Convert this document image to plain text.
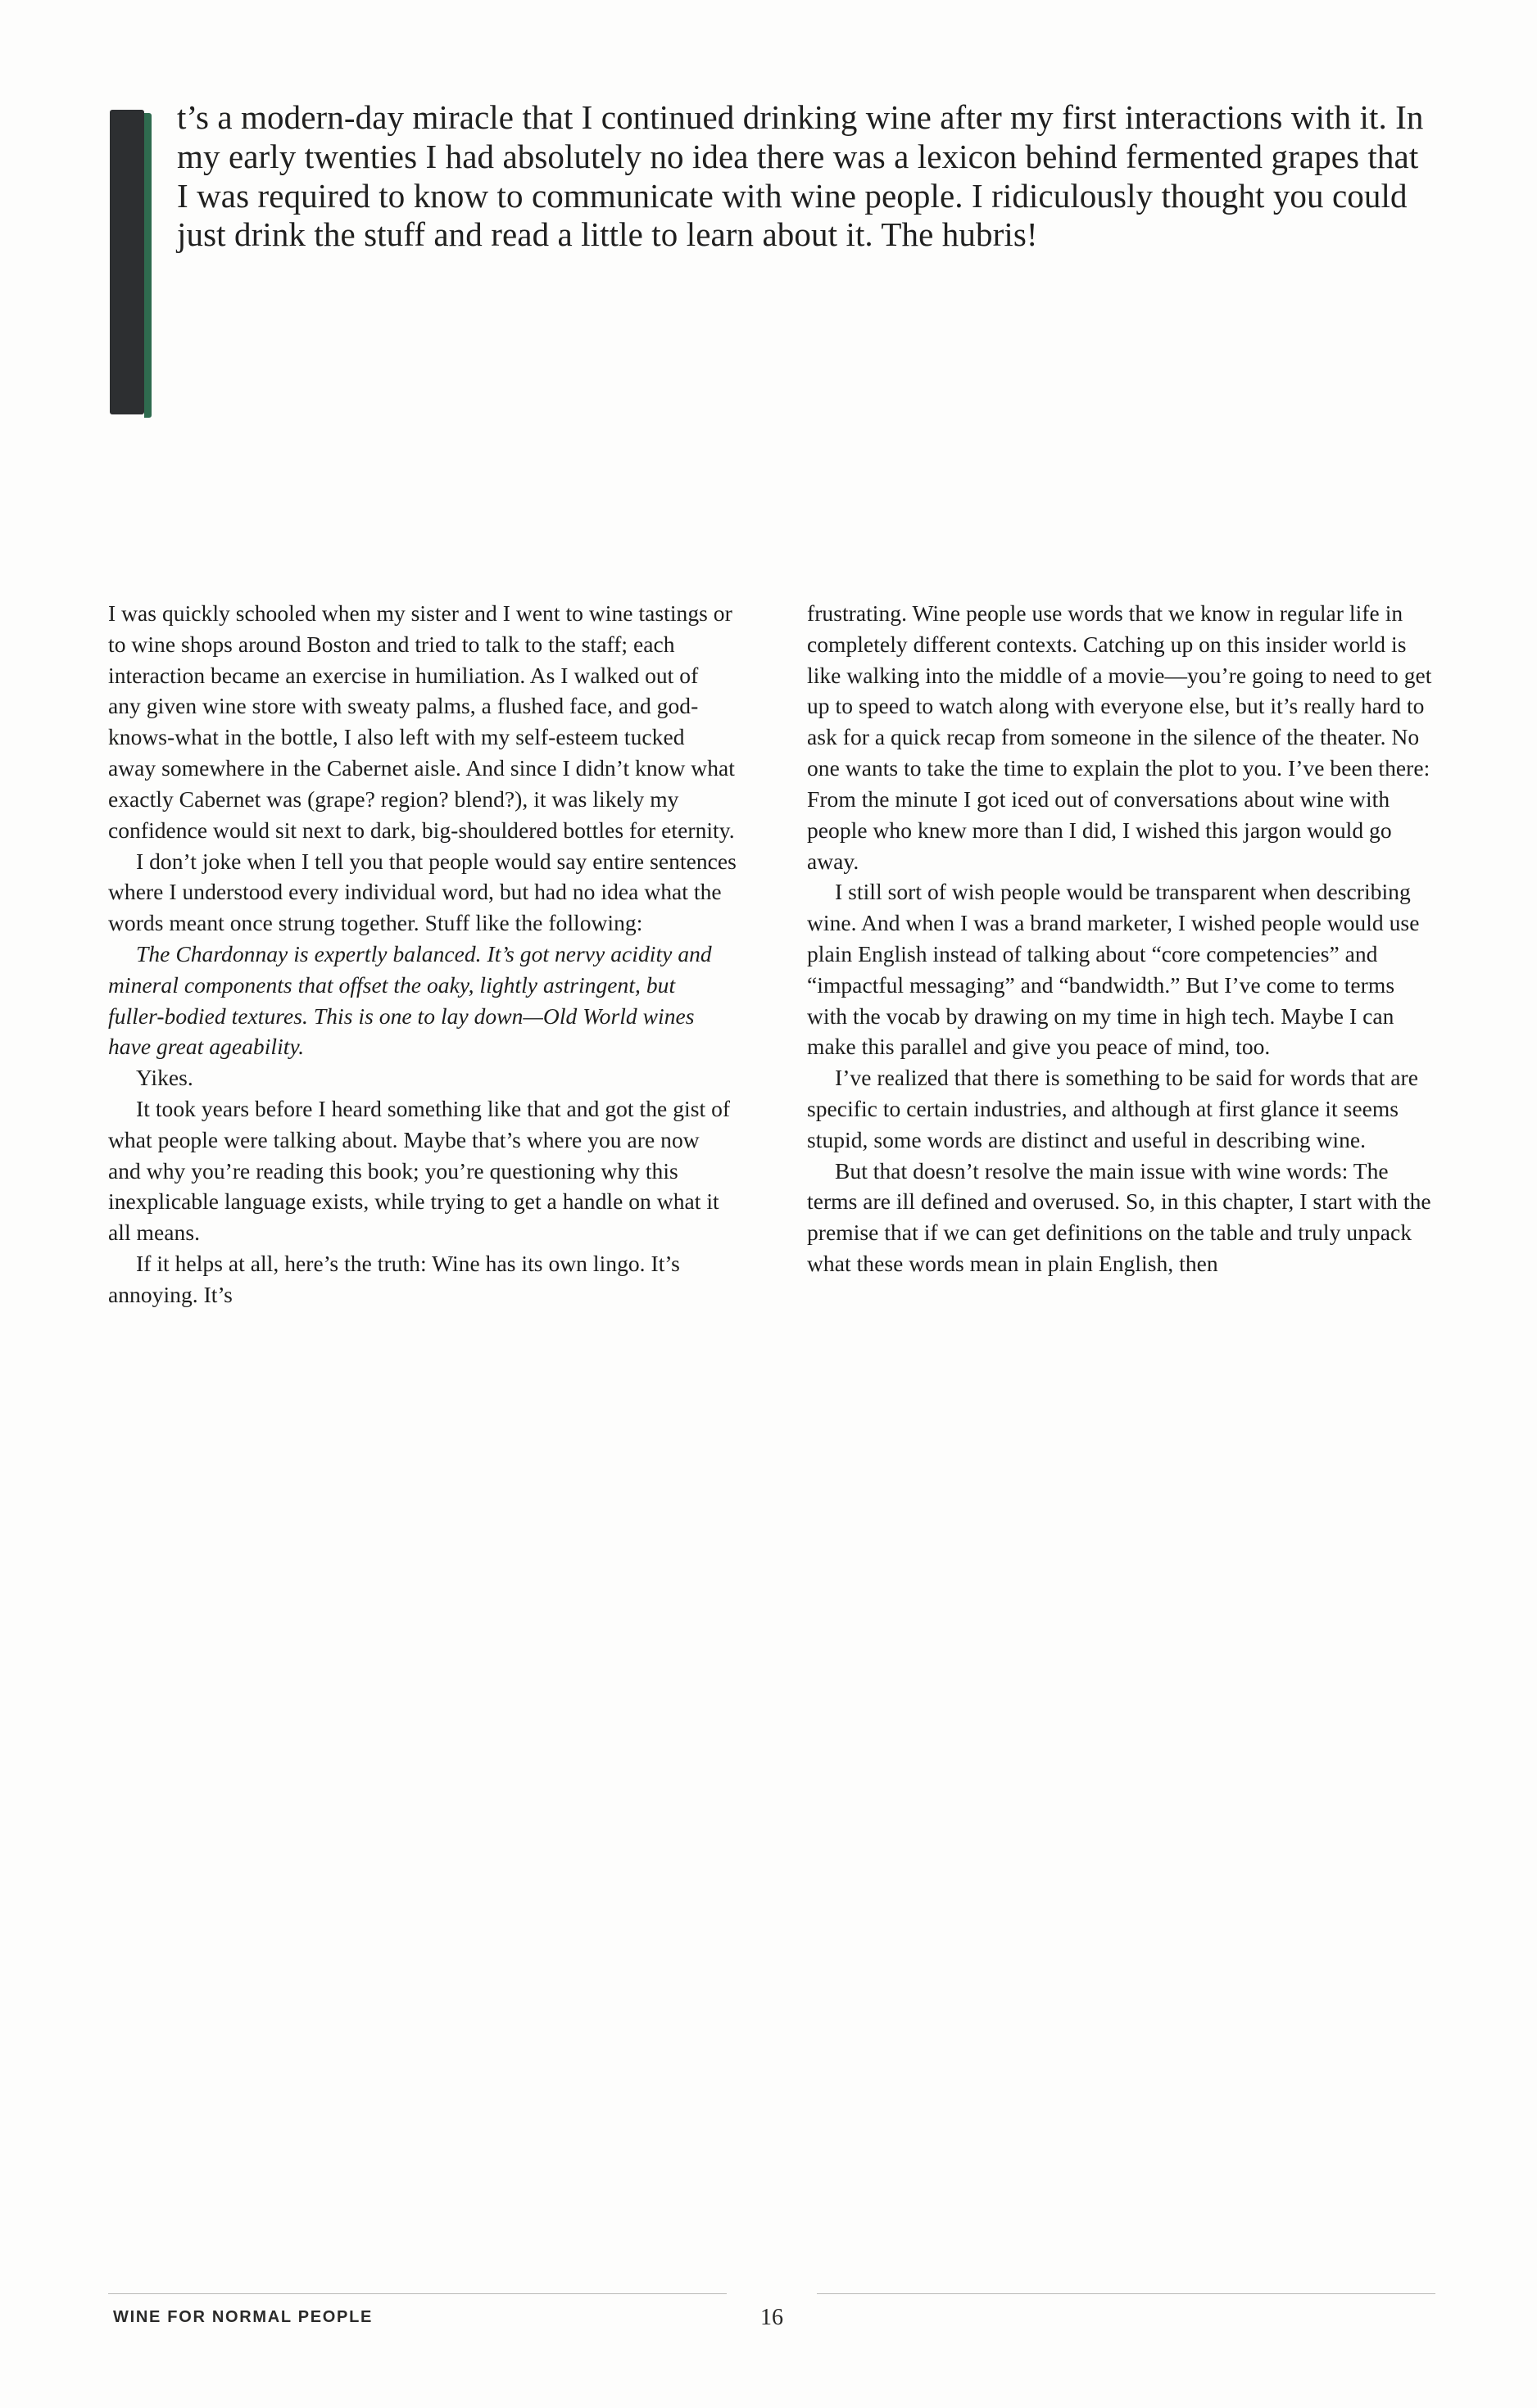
t’s a modern-day miracle that I continued drinking wine after my first interactions with it. In my early twenties I had absolutely no idea there was a lexicon behind fermented grapes that I was required to know to communicate with wine people. I ridiculously thought you could just drink the stuff and read a little to learn about it. The hubris!

I was quickly schooled when my sister and I went to wine tastings or to wine shops around Boston and tried to talk to the staff; each interaction became an exercise in humiliation. As I walked out of any given wine store with sweaty palms, a flushed face, and god-knows-what in the bottle, I also left with my self-esteem tucked away somewhere in the Cabernet aisle. And since I didn’t know what exactly Cabernet was (grape? region? blend?), it was likely my confidence would sit next to dark, big-shouldered bottles for eternity.

I don’t joke when I tell you that people would say entire sentences where I understood every individual word, but had no idea what the words meant once strung together. Stuff like the following:

The Chardonnay is expertly balanced. It’s got nervy acidity and mineral components that offset the oaky, lightly astringent, but fuller-bodied textures. This is one to lay down—Old World wines have great ageability.

Yikes.

It took years before I heard something like that and got the gist of what people were talking about. Maybe that’s where you are now and why you’re reading this book; you’re questioning why this inexplicable language exists, while trying to get a handle on what it all means.

If it helps at all, here’s the truth: Wine has its own lingo. It’s annoying. It’s

frustrating. Wine people use words that we know in regular life in completely different contexts. Catching up on this insider world is like walking into the middle of a movie—you’re going to need to get up to speed to watch along with everyone else, but it’s really hard to ask for a quick recap from someone in the silence of the theater. No one wants to take the time to explain the plot to you. I’ve been there: From the minute I got iced out of conversations about wine with people who knew more than I did, I wished this jargon would go away.

I still sort of wish people would be transparent when describing wine. And when I was a brand marketer, I wished people would use plain English instead of talking about “core competencies” and “impactful messaging” and “bandwidth.” But I’ve come to terms with the vocab by drawing on my time in high tech. Maybe I can make this parallel and give you peace of mind, too.

I’ve realized that there is something to be said for words that are specific to certain industries, and although at first glance it seems stupid, some words are distinct and useful in describing wine.

But that doesn’t resolve the main issue with wine words: The terms are ill defined and overused. So, in this chapter, I start with the premise that if we can get definitions on the table and truly unpack what these words mean in plain English, then

WINE FOR NORMAL PEOPLE	16
